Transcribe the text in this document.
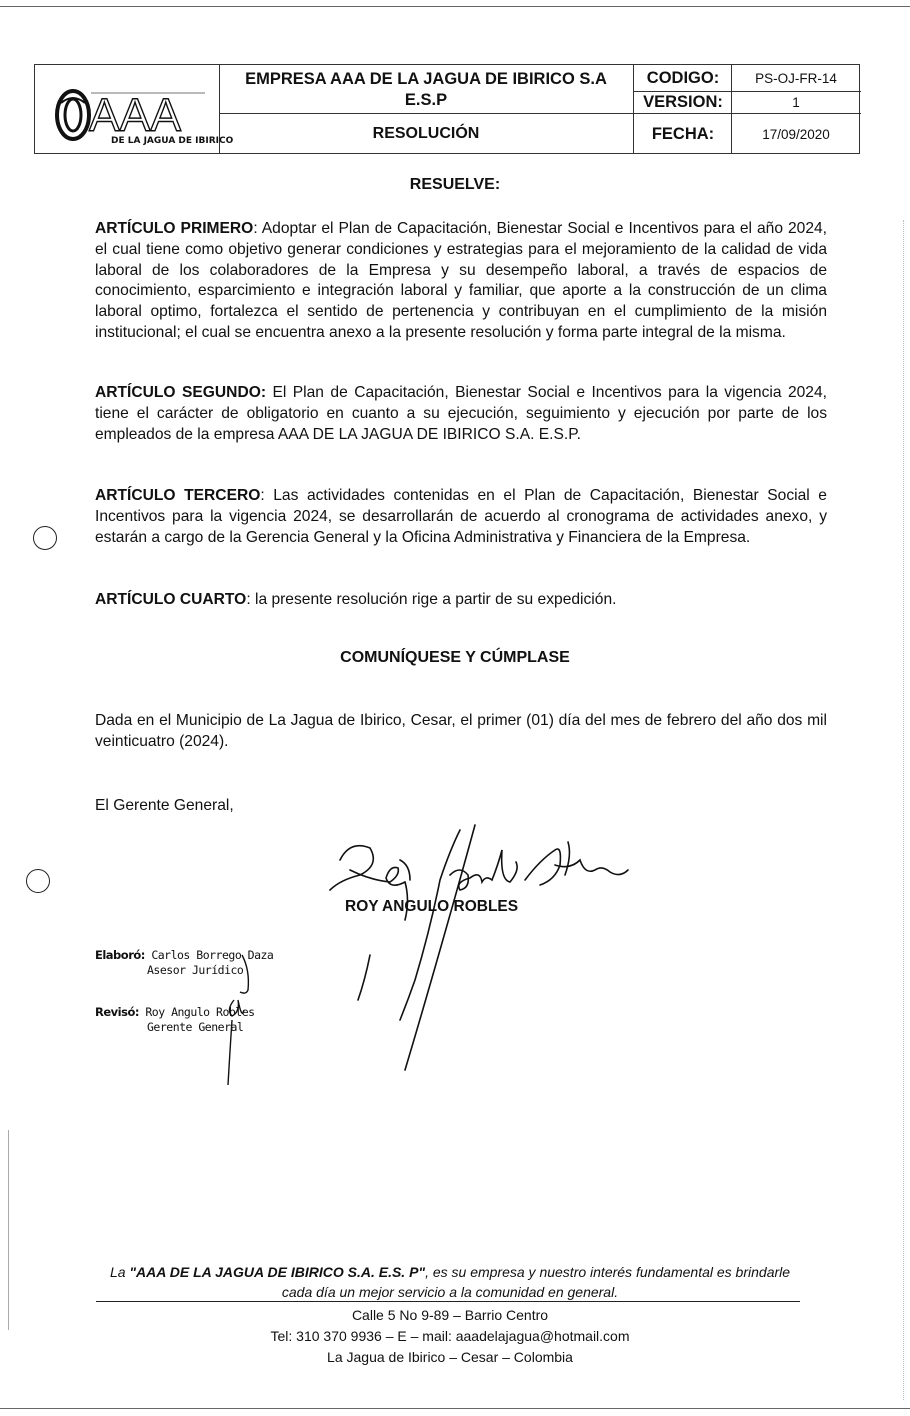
AAA
DE LA JAGUA DE IBIRICO
EMPRESA AAA DE LA JAGUA DE IBIRICO S.A
E.S.P
RESOLUCIÓN
CODIGO:	PS-OJ-FR-14
VERSION:	1
FECHA:	17/09/2020
RESUELVE:

ARTÍCULO PRIMERO: Adoptar el Plan de Capacitación, Bienestar Social e Incentivos para el año 2024, el cual tiene como objetivo generar condiciones y estrategias para el mejoramiento de la calidad de vida laboral de los colaboradores de la Empresa y su desempeño laboral, a través de espacios de conocimiento, esparcimiento e integración laboral y familiar, que aporte a la construcción de un clima laboral optimo, fortalezca el sentido de pertenencia y contribuyan en el cumplimiento de la misión institucional; el cual se encuentra anexo a la presente resolución y forma parte integral de la misma.

ARTÍCULO SEGUNDO: El Plan de Capacitación, Bienestar Social e Incentivos para la vigencia 2024, tiene el carácter de obligatorio en cuanto a su ejecución, seguimiento y ejecución por parte de los empleados de la empresa AAA DE LA JAGUA DE IBIRICO S.A. E.S.P.

ARTÍCULO TERCERO: Las actividades contenidas en el Plan de Capacitación, Bienestar Social e Incentivos para la vigencia 2024, se desarrollarán de acuerdo al cronograma de actividades anexo, y estarán a cargo de la Gerencia General y la Oficina Administrativa y Financiera de la Empresa.

ARTÍCULO CUARTO: la presente resolución rige a partir de su expedición.

COMUNÍQUESE Y CÚMPLASE

Dada en el Municipio de La Jagua de Ibirico, Cesar, el primer (01) día del mes de febrero del año dos mil veinticuatro (2024).

El Gerente General,

ROY ANGULO ROBLES
Elaboró: Carlos Borrego Daza
Asesor Jurídico
Revisó: Roy Angulo Robles
Gerente General
La "AAA DE LA JAGUA DE IBIRICO S.A. E.S. P", es su empresa y nuestro interés fundamental es brindarle cada día un mejor servicio a la comunidad en general.
Calle 5 No 9-89 – Barrio Centro
Tel: 310 370 9936 – E – mail: aaadelajagua@hotmail.com
La Jagua de Ibirico – Cesar – Colombia
